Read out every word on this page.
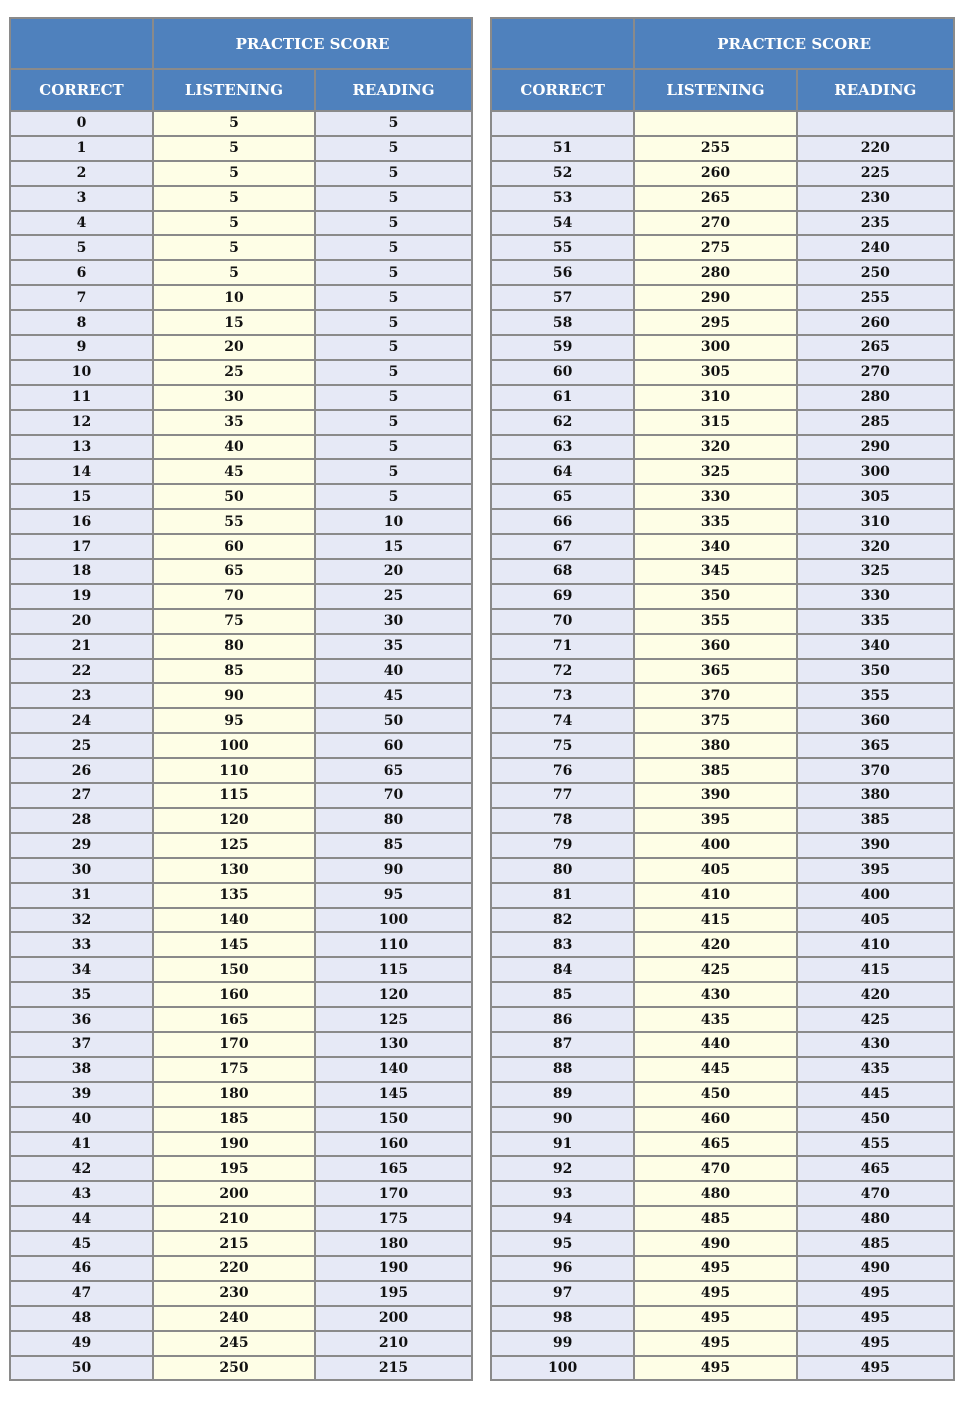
	PRACTICE SCORE	
CORRECT	LISTENING	READING
0	5	5
1	5	5
2	5	5
3	5	5
4	5	5
5	5	5
6	5	5
7	10	5
8	15	5
9	20	5
10	25	5
11	30	5
12	35	5
13	40	5
14	45	5
15	50	5
16	55	10
17	60	15
18	65	20
19	70	25
20	75	30
21	80	35
22	85	40
23	90	45
24	95	50
25	100	60
26	110	65
27	115	70
28	120	80
29	125	85
30	130	90
31	135	95
32	140	100
33	145	110
34	150	115
35	160	120
36	165	125
37	170	130
38	175	140
39	180	145
40	185	150
41	190	160
42	195	165
43	200	170
44	210	175
45	215	180
46	220	190
47	230	195
48	240	200
49	245	210
50	250	215
	PRACTICE SCORE	
CORRECT	LISTENING	READING

51	255	220
52	260	225
53	265	230
54	270	235
55	275	240
56	280	250
57	290	255
58	295	260
59	300	265
60	305	270
61	310	280
62	315	285
63	320	290
64	325	300
65	330	305
66	335	310
67	340	320
68	345	325
69	350	330
70	355	335
71	360	340
72	365	350
73	370	355
74	375	360
75	380	365
76	385	370
77	390	380
78	395	385
79	400	390
80	405	395
81	410	400
82	415	405
83	420	410
84	425	415
85	430	420
86	435	425
87	440	430
88	445	435
89	450	445
90	460	450
91	465	455
92	470	465
93	480	470
94	485	480
95	490	485
96	495	490
97	495	495
98	495	495
99	495	495
100	495	495
